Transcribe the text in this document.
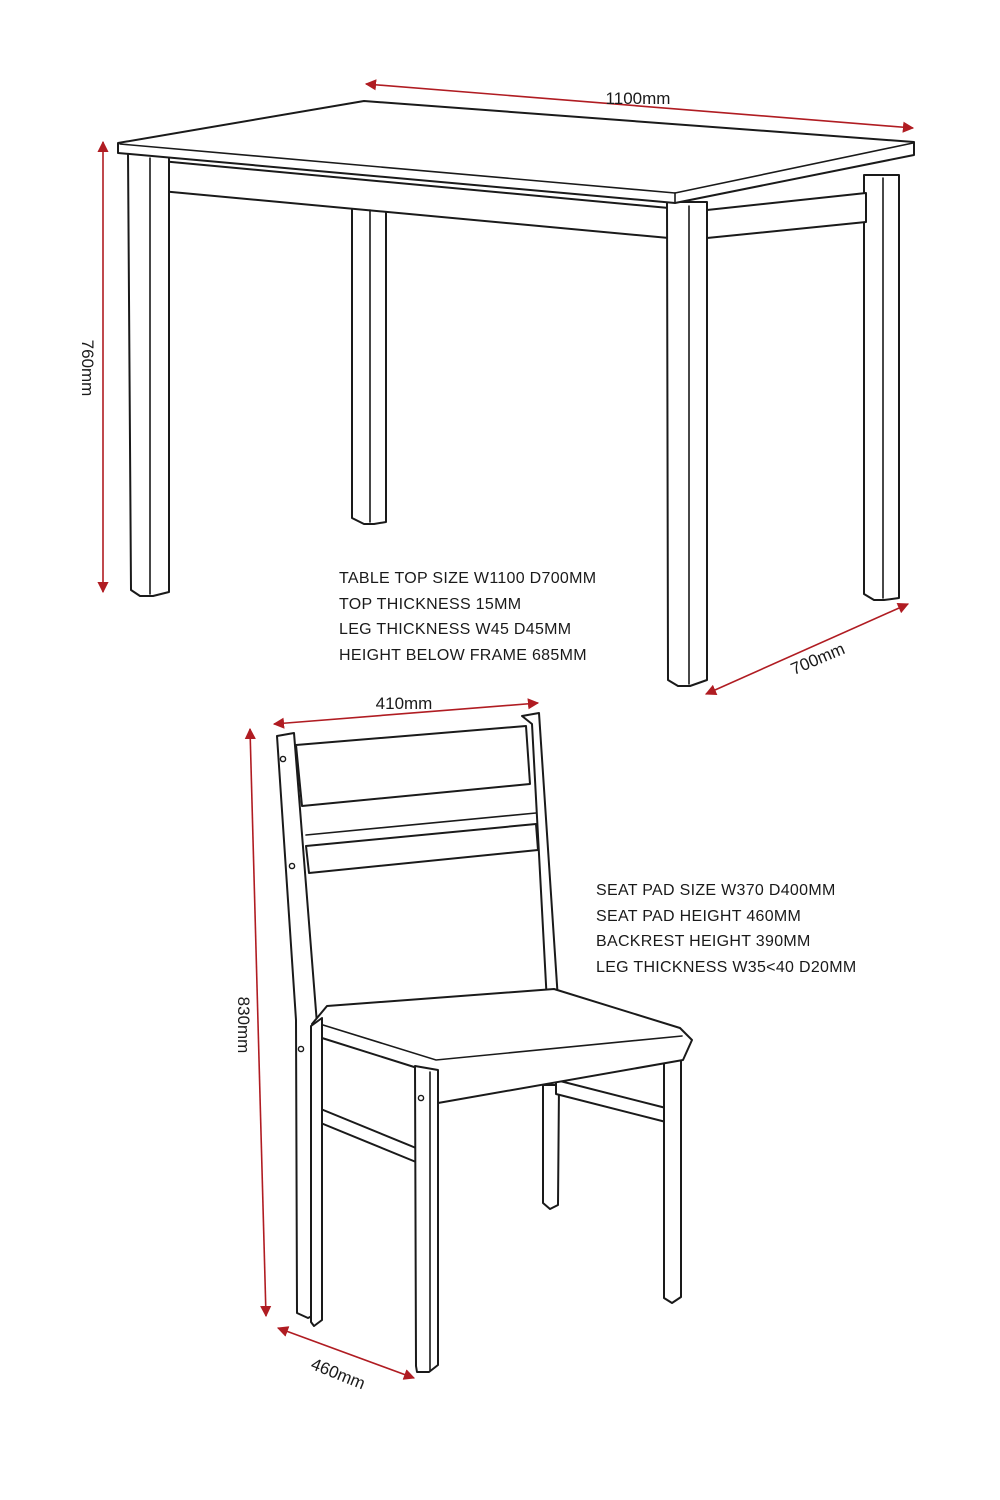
1100mm
760mm
700mm
410mm
830mm
460mm
TABLE TOP SIZE W1100 D700MM
TOP THICKNESS 15MM
LEG THICKNESS W45 D45MM
HEIGHT BELOW FRAME 685MM
SEAT PAD SIZE W370 D400MM
SEAT PAD HEIGHT 460MM
BACKREST HEIGHT 390MM
LEG THICKNESS W35<40 D20MM
